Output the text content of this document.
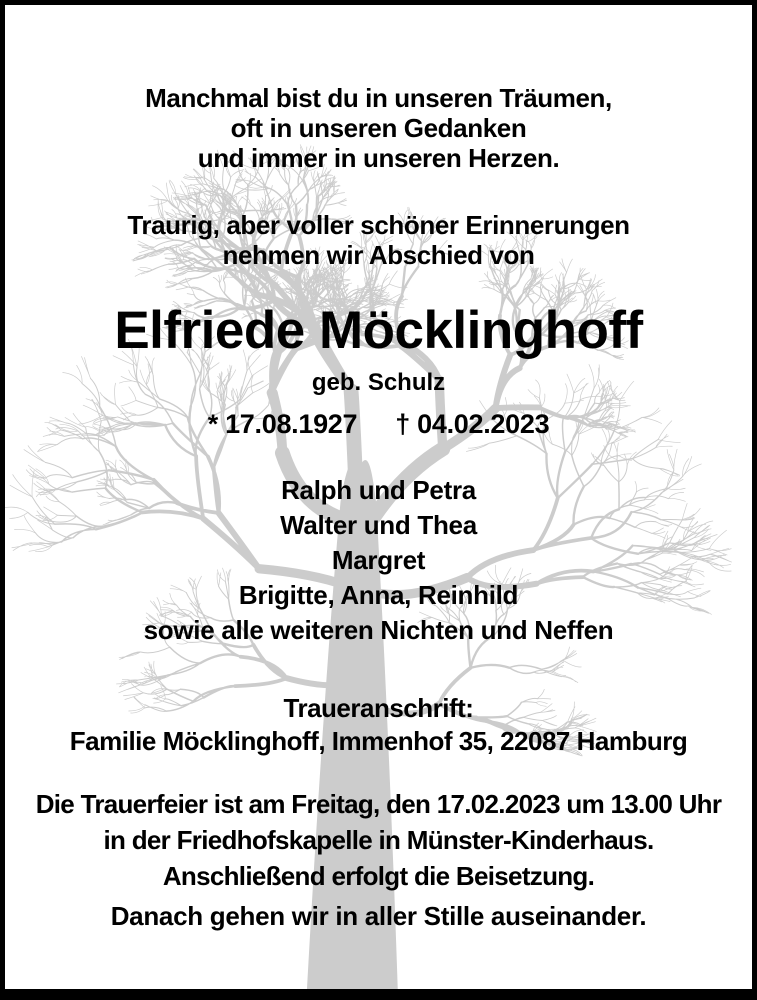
Manchmal bist du in unseren Träumen,
oft in unseren Gedanken
und immer in unseren Herzen.
Traurig, aber voller schöner Erinnerungen
nehmen wir Abschied von
Elfriede Möcklinghoff
geb. Schulz
* 17.08.1927 † 04.02.2023
Ralph und Petra
Walter und Thea
Margret
Brigitte, Anna, Reinhild
sowie alle weiteren Nichten und Neffen
Traueranschrift:
Familie Möcklinghoff, Immenhof 35, 22087 Hamburg
Die Trauerfeier ist am Freitag, den 17.02.2023 um 13.00 Uhr
in der Friedhofskapelle in Münster-Kinderhaus.
Anschließend erfolgt die Beisetzung.
Danach gehen wir in aller Stille auseinander.
